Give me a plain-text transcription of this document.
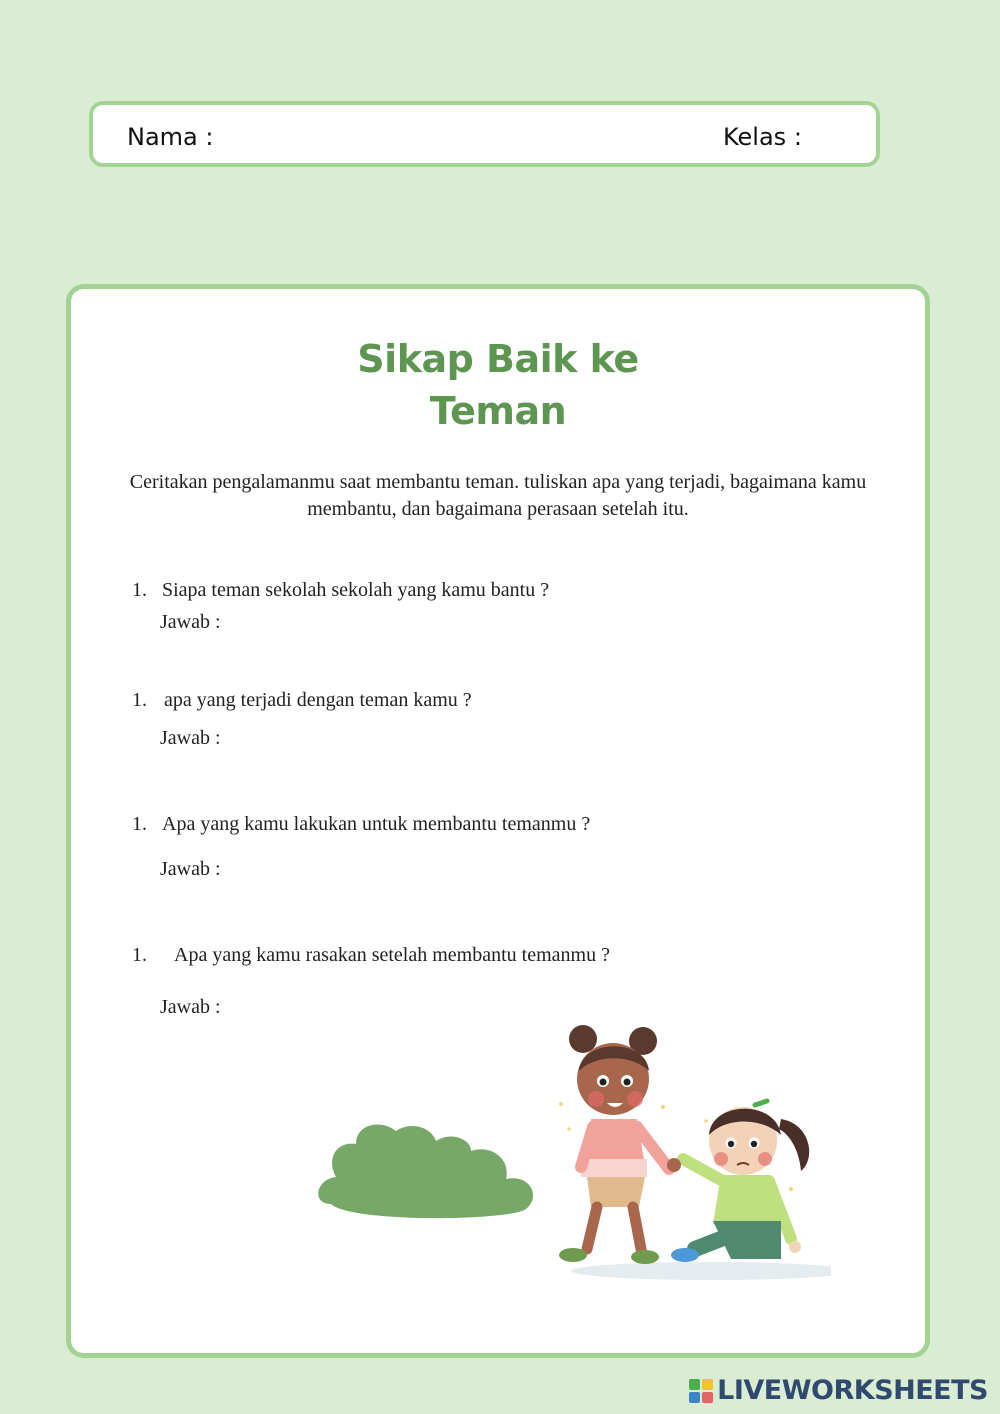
Nama :	Kelas :
Sikap Baik ke
Teman
Ceritakan pengalamanmu saat membantu teman. tuliskan apa yang terjadi, bagaimana kamu membantu, dan bagaimana perasaan setelah itu.
1. Siapa teman sekolah sekolah yang kamu bantu ?
Jawab :
1. apa yang terjadi dengan teman kamu ?
Jawab :
1. Apa yang kamu lakukan untuk membantu temanmu ?
Jawab :
1. Apa yang kamu rasakan setelah membantu temanmu ?
Jawab :
LIVEWORKSHEETS
